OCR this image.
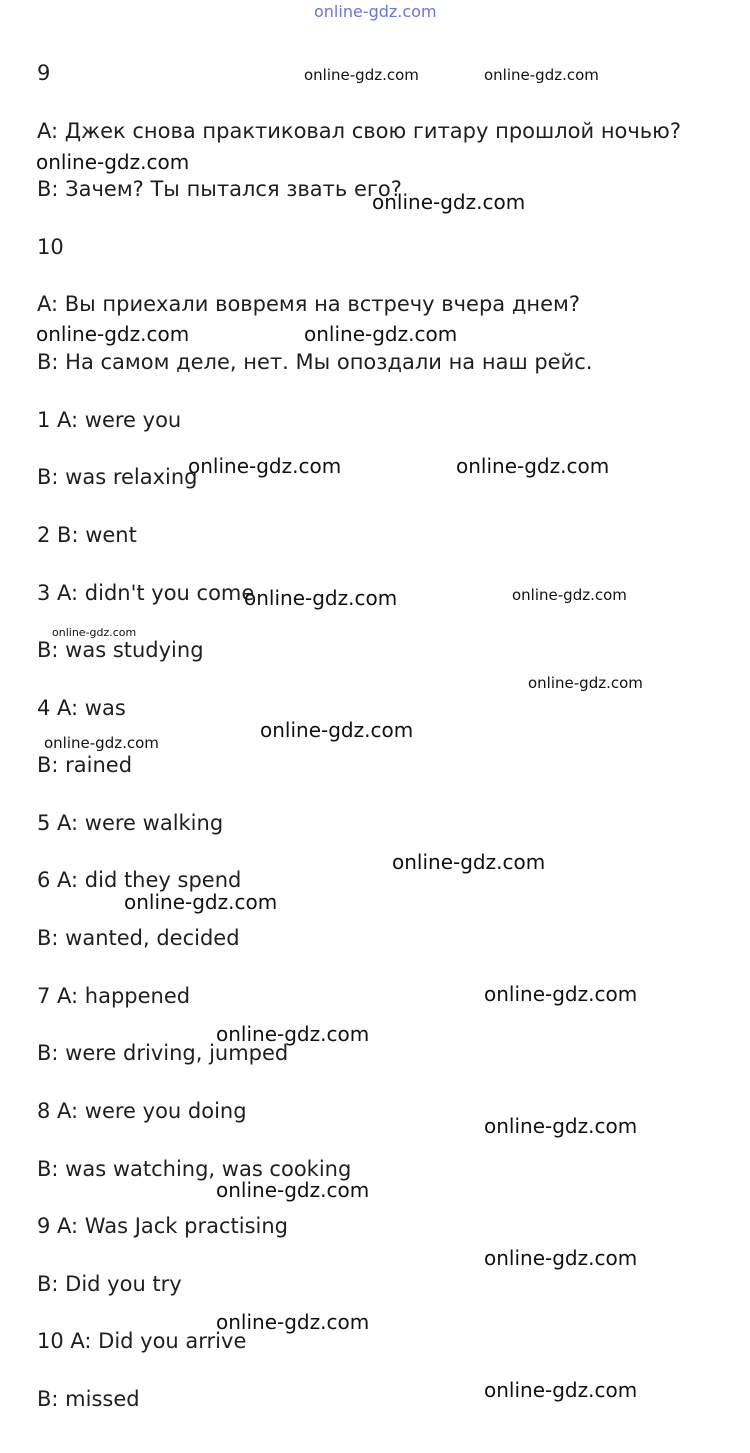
online-gdz.com
9
A: Джек снова практиковал свою гитару прошлой ночью?
B: Зачем? Ты пытался звать его?
10
A: Вы приехали вовремя на встречу вчера днем?
B: На самом деле, нет. Мы опоздали на наш рейс.
1 A: were you
B: was relaxing
2 B: went
3 A: didn't you come
B: was studying
4 A: was
B: rained
5 A: were walking
6 A: did they spend
B: wanted, decided
7 A: happened
B: were driving, jumped
8 A: were you doing
B: was watching, was cooking
9 A: Was Jack practising
B: Did you try
10 A: Did you arrive
B: missed
online-gdz.com	online-gdz.com
online-gdz.com
online-gdz.com
online-gdz.com	online-gdz.com
online-gdz.com	online-gdz.com
online-gdz.com	online-gdz.com
online-gdz.com
online-gdz.com
online-gdz.com
online-gdz.com
online-gdz.com
online-gdz.com
online-gdz.com
online-gdz.com
online-gdz.com
online-gdz.com
online-gdz.com
online-gdz.com
online-gdz.com
